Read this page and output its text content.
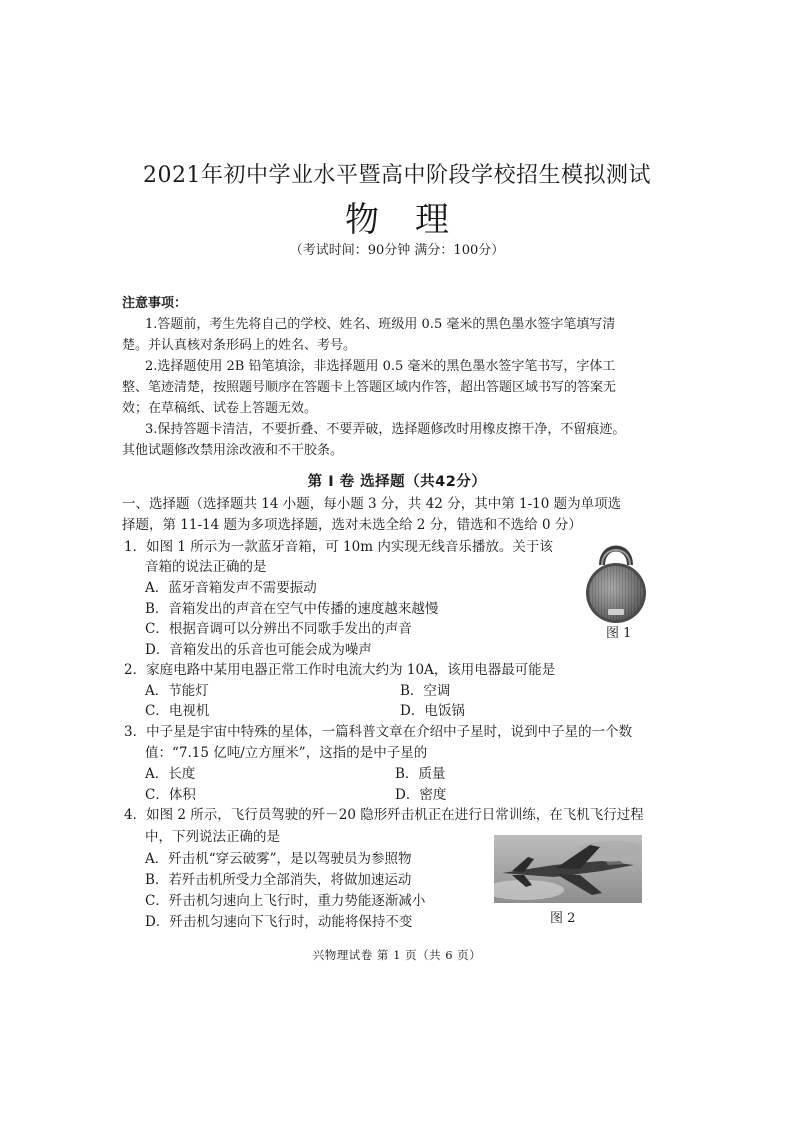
2021年初中学业水平暨高中阶段学校招生模拟测试
物理
（考试时间：90分钟 满分：100分）
注意事项：
1.答题前，考生先将自己的学校、姓名、班级用 0.5 毫米的黑色墨水签字笔填写清
楚。并认真核对条形码上的姓名、考号。
2.选择题使用 2B 铅笔填涂，非选择题用 0.5 毫米的黑色墨水签字笔书写，字体工
整、笔迹清楚，按照题号顺序在答题卡上答题区域内作答，超出答题区域书写的答案无
效；在草稿纸、试卷上答题无效。
3.保持答题卡清洁，不要折叠、不要弄破，选择题修改时用橡皮擦干净，不留痕迹。
其他试题修改禁用涂改液和不干胶条。
第 Ⅰ 卷 选择题（共42分）
一、选择题（选择题共 14 小题，每小题 3 分，共 42 分，其中第 1-10 题为单项选
择题，第 11-14 题为多项选择题，选对未选全给 2 分，错选和不选给 0 分）
1．如图 1 所示为一款蓝牙音箱，可 10m 内实现无线音乐播放。关于该
音箱的说法正确的是
A．蓝牙音箱发声不需要振动
B．音箱发出的声音在空气中传播的速度越来越慢
C．根据音调可以分辨出不同歌手发出的声音
D．音箱发出的乐音也可能会成为噪声
图 1
2．家庭电路中某用电器正常工作时电流大约为 10A，该用电器最可能是
A．节能灯	B．空调
C．电视机	D．电饭锅
3．中子星是宇宙中特殊的星体，一篇科普文章在介绍中子星时，说到中子星的一个数
值：“7.15 亿吨/立方厘米”，这指的是中子星的
A．长度	B．质量
C．体积	D．密度
4．如图 2 所示，飞行员驾驶的歼－20 隐形歼击机正在进行日常训练，在飞机飞行过程
中，下列说法正确的是
A．歼击机“穿云破雾”，是以驾驶员为参照物
B．若歼击机所受力全部消失，将做加速运动
C．歼击机匀速向上飞行时，重力势能逐渐减小
D．歼击机匀速向下飞行时，动能将保持不变	图 2
兴物理试卷 第 1 页（共 6 页）
